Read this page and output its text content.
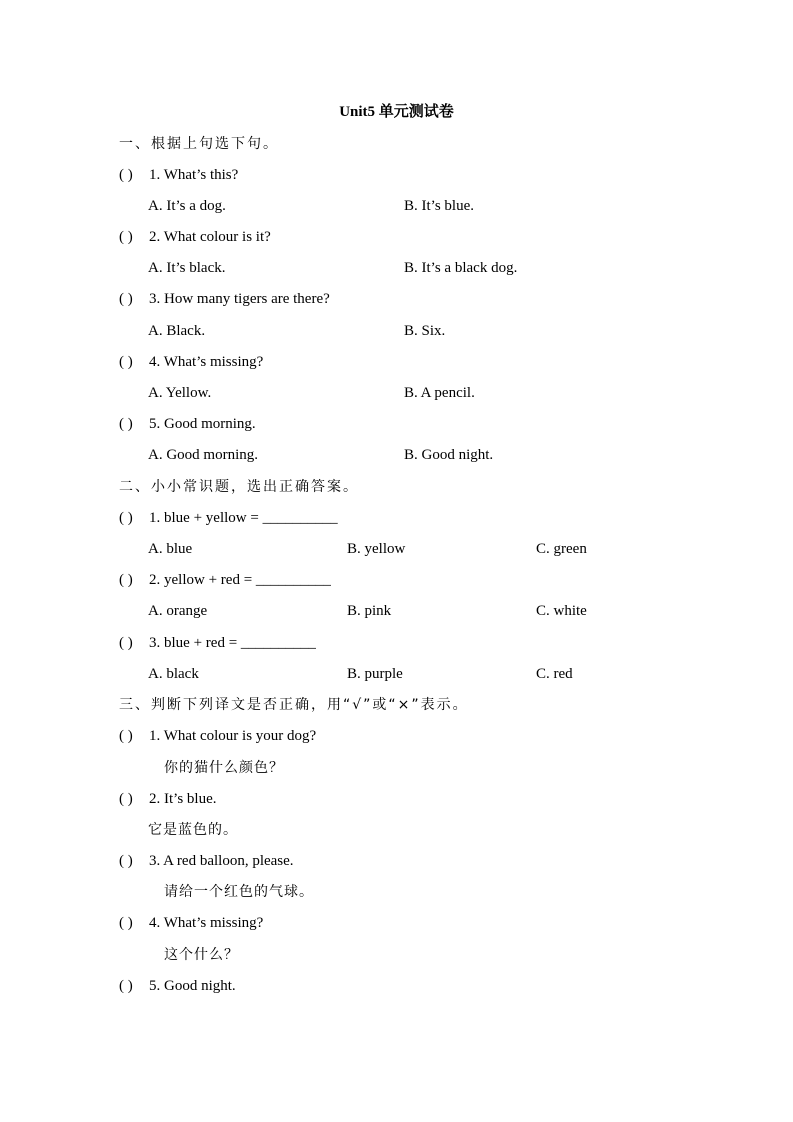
Unit5 单元测试卷
一、根据上句选下句。
( ) 1. What’s this?
A. It’s a dog.	B. It’s blue.
( ) 2. What colour is it?
A. It’s black.	B. It’s a black dog.
( ) 3. How many tigers are there?
A. Black.	B. Six.
( ) 4. What’s missing?
A. Yellow.	B. A pencil.
( ) 5. Good morning.
A. Good morning.	B. Good night.
二、小小常识题，选出正确答案。
( ) 1. blue + yellow = __________
A. blue	B. yellow	C. green
( ) 2. yellow + red = __________
A. orange	B. pink	C. white
( ) 3. blue + red = __________
A. black	B. purple	C. red
三、判断下列译文是否正确，用“√”或“×”表示。
( ) 1. What colour is your dog?
你的猫什么颜色？
( ) 2. It’s blue.
它是蓝色的。
( ) 3. A red balloon, please.
请给一个红色的气球。
( ) 4. What’s missing?
这个什么？
( ) 5. Good night.
